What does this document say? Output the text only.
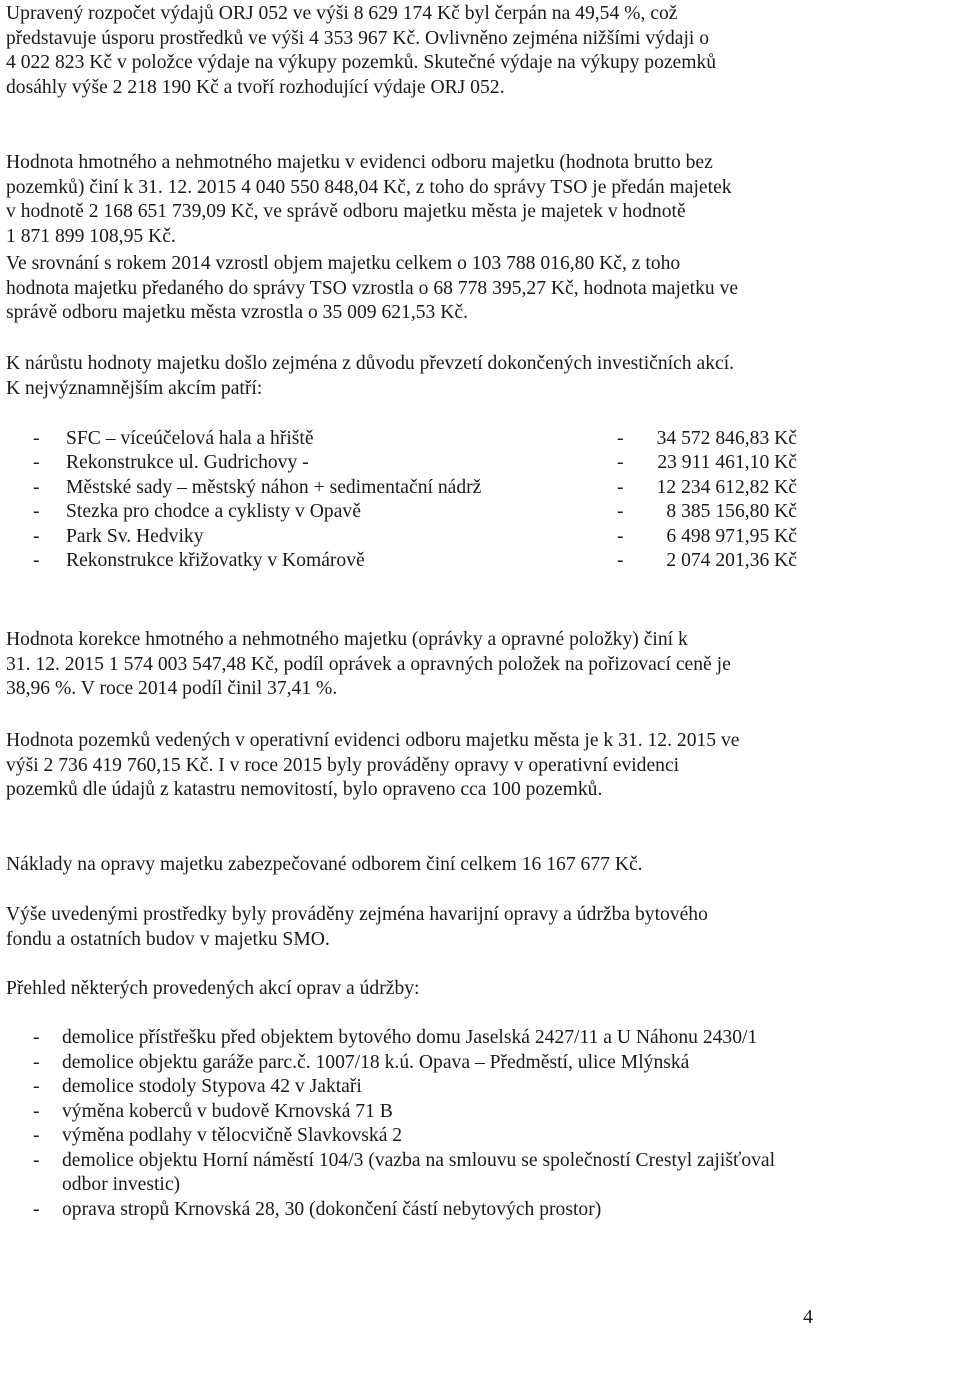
Upravený rozpočet výdajů ORJ 052 ve výši 8 629 174 Kč byl čerpán na 49,54 %, což
představuje úsporu prostředků ve výši 4 353 967 Kč. Ovlivněno zejména nižšími výdaji o
4 022 823 Kč v položce výdaje na výkupy pozemků. Skutečné výdaje na výkupy pozemků
dosáhly výše 2 218 190 Kč a tvoří rozhodující výdaje ORJ 052.

Hodnota hmotného a nehmotného majetku v evidenci odboru majetku (hodnota brutto bez
pozemků) činí k 31. 12. 2015 4 040 550 848,04 Kč, z toho do správy TSO je předán majetek
v hodnotě 2 168 651 739,09 Kč, ve správě odboru majetku města je majetek v hodnotě
1 871 899 108,95 Kč.

Ve srovnání s rokem 2014 vzrostl objem majetku celkem o 103 788 016,80 Kč, z toho
hodnota majetku předaného do správy TSO vzrostla o 68 778 395,27 Kč, hodnota majetku ve
správě odboru majetku města vzrostla o 35 009 621,53 Kč.

K nárůstu hodnoty majetku došlo zejména z důvodu převzetí dokončených investičních akcí.
K nejvýznamnějším akcím patří:

- SFC – víceúčelová hala a hřiště	- 34 572 846,83 Kč
- Rekonstrukce ul. Gudrichovy -	- 23 911 461,10 Kč
- Městské sady – městský náhon + sedimentační nádrž	- 12 234 612,82 Kč
- Stezka pro chodce a cyklisty v Opavě	- 8 385 156,80 Kč
- Park Sv. Hedviky	- 6 498 971,95 Kč
- Rekonstrukce křižovatky v Komárově	- 2 074 201,36 Kč

Hodnota korekce hmotného a nehmotného majetku (oprávky a opravné položky) činí k
31. 12. 2015 1 574 003 547,48 Kč, podíl oprávek a opravných položek na pořizovací ceně je
38,96 %. V roce 2014 podíl činil 37,41 %.

Hodnota pozemků vedených v operativní evidenci odboru majetku města je k 31. 12. 2015 ve
výši 2 736 419 760,15 Kč. I v roce 2015 byly prováděny opravy v operativní evidenci
pozemků dle údajů z katastru nemovitostí, bylo opraveno cca 100 pozemků.

Náklady na opravy majetku zabezpečované odborem činí celkem 16 167 677 Kč.

Výše uvedenými prostředky byly prováděny zejména havarijní opravy a údržba bytového
fondu a ostatních budov v majetku SMO.

Přehled některých provedených akcí oprav a údržby:

- demolice přístřešku před objektem bytového domu Jaselská 2427/11 a U Náhonu 2430/1
- demolice objektu garáže parc.č. 1007/18 k.ú. Opava – Předměstí, ulice Mlýnská
- demolice stodoly Stypova 42 v Jaktaři
- výměna koberců v budově Krnovská 71 B
- výměna podlahy v tělocvičně Slavkovská 2
- demolice objektu Horní náměstí 104/3 (vazba na smlouvu se společností Crestyl zajišťoval odbor investic)
- oprava stropů Krnovská 28, 30 (dokončení částí nebytových prostor)
4
